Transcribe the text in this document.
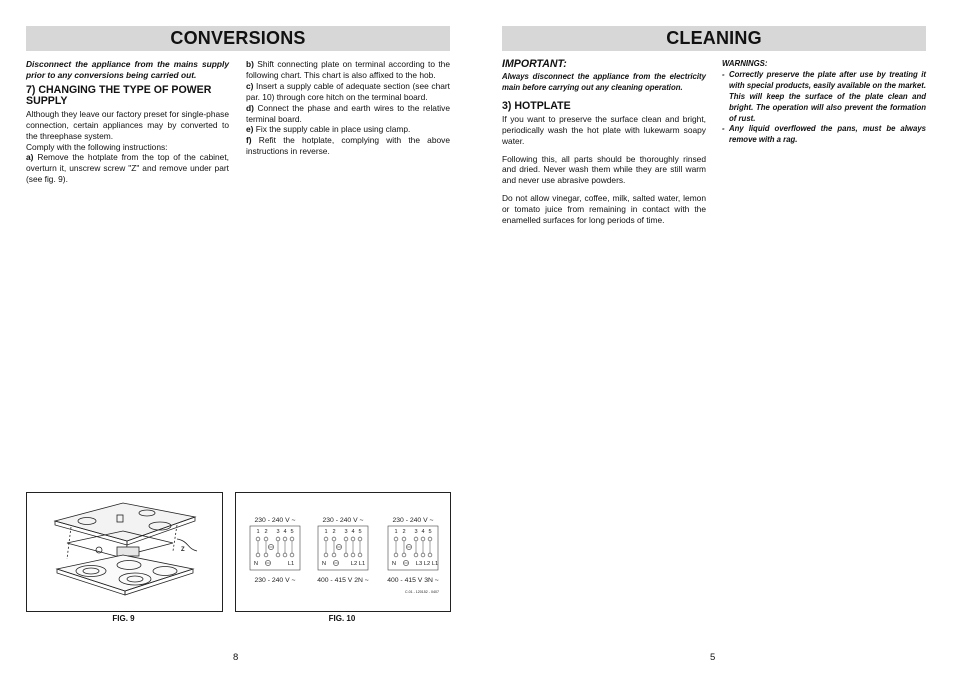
CONVERSIONS

Disconnect the appliance from the mains supply prior to any conversions being carried out.

7) CHANGING THE TYPE OF POWER SUPPLY

Although they leave our factory preset for single-phase connection, certain appliances may by converted to the threephase system.

Comply with the following instructions:

a) Remove the hotplate from the top of the cabinet, overturn it, unscrew screw "Z" and remove under part (see fig. 9).

b) Shift connecting plate on terminal according to the following chart. This chart is also affixed to the hob.

c) Insert a supply cable of adequate section (see chart par. 10) through core hitch on the terminal board.

d) Connect the phase and earth wires to the relative terminal board.

e) Fix the supply cable in place using clamp.

f) Refit the hotplate, complying with the above instructions in reverse.

Z
FIG. 9
230 - 240 V ~
1 2 3 4 5
N	L1
230 - 240 V ~
230 - 240 V ~
1 2 3 4 5
N	L2 L1
400 - 415 V 2N ~
230 - 240 V ~
1 2 3 4 5
N	L3 L2 L1
400 - 415 V 3N ~
C.01 - 120152 - 0407
FIG. 10
8
CLEANING
IMPORTANT:

Always disconnect the appliance from the electricity main before carrying out any cleaning operation.

3) HOTPLATE

If you want to preserve the surface clean and bright, periodically wash the hot plate with lukewarm soapy water.

Following this, all parts should be thoroughly rinsed and dried. Never wash them while they are still warm and never use abrasive powders.

Do not allow vinegar, coffee, milk, salted water, lemon or tomato juice from remaining in contact with the enamelled surfaces for long periods of time.

WARNINGS:

- Correctly preserve the plate after use by treating it with special products, easily available on the market. This will keep the surface of the plate clean and bright. The operation will also prevent the formation of rust.
- Any liquid overflowed the pans, must be always remove with a rag.
5
